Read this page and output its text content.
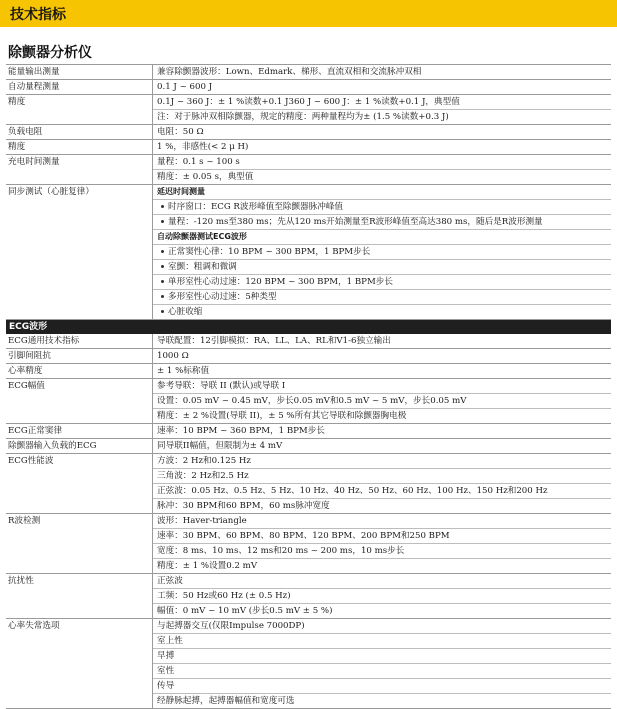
技术指标
除颤器分析仪
能量输出测量	兼容除颤器波形：Lown、Edmark、梯形、直流双相和交流脉冲双相
自动量程测量	0.1 J ~ 600 J
精度	0.1J ~ 360 J：± 1 %读数+0.1 J360 J ~ 600 J：± 1 %读数+0.1 J，典型值
注：对于脉冲双相除颤器，规定的精度：两种量程均为± (1.5 %读数+0.3 J)
负载电阻	电阻：50 Ω
精度	1 %，非感性(< 2 μ H)
充电时间测量	量程：0.1 s ~ 100 s
精度：± 0.05 s，典型值
同步测试（心脏复律）	延迟时间测量
时序窗口：ECG R波形峰值至除颤器脉冲峰值
量程：-120 ms至380 ms；先从120 ms开始测量至R波形峰值至高达380 ms，随后是R波形测量
自动除颤器测试ECG波形
正常窦性心律：10 BPM ~ 300 BPM，1 BPM步长
室颤：粗调和微调
单形室性心动过速：120 BPM ~ 300 BPM，1 BPM步长
多形室性心动过速：5种类型
心脏收缩
ECG波形
ECG通用技术指标	导联配置：12引脚模拟：RA、LL、LA、RL和V1-6独立输出
引脚间阻抗	1000 Ω
心率精度	± 1 %标称值
ECG幅值	参考导联：导联 II (默认)或导联 I
设置：0.05 mV ~ 0.45 mV，步长0.05 mV和0.5 mV ~ 5 mV，步长0.05 mV
精度：± 2 %设置(导联 II)，± 5 %所有其它导联和除颤器胸电极
ECG正常窦律	速率：10 BPM ~ 360 BPM，1 BPM步长
除颤器输入负载的ECG	同导联II幅值，但限制为± 4 mV
ECG性能波	方波：2 Hz和0.125 Hz
三角波：2 Hz和2.5 Hz
正弦波：0.05 Hz、0.5 Hz、5 Hz、10 Hz、40 Hz、50 Hz、60 Hz、100 Hz、150 Hz和200 Hz
脉冲：30 BPM和60 BPM，60 ms脉冲宽度
R波检测	波形：Haver-triangle
速率：30 BPM、60 BPM、80 BPM、120 BPM、200 BPM和250 BPM
宽度：8 ms、10 ms、12 ms和20 ms ~ 200 ms，10 ms步长
精度：± 1 %设置0.2 mV
抗扰性	正弦波
工频：50 Hz或60 Hz (± 0.5 Hz)
幅值：0 mV ~ 10 mV (步长0.5 mV ± 5 %)
心率失常选项	与起搏器交互(仅限Impulse 7000DP)
室上性
早搏
室性
传导
经静脉起搏，起搏器幅值和宽度可选
